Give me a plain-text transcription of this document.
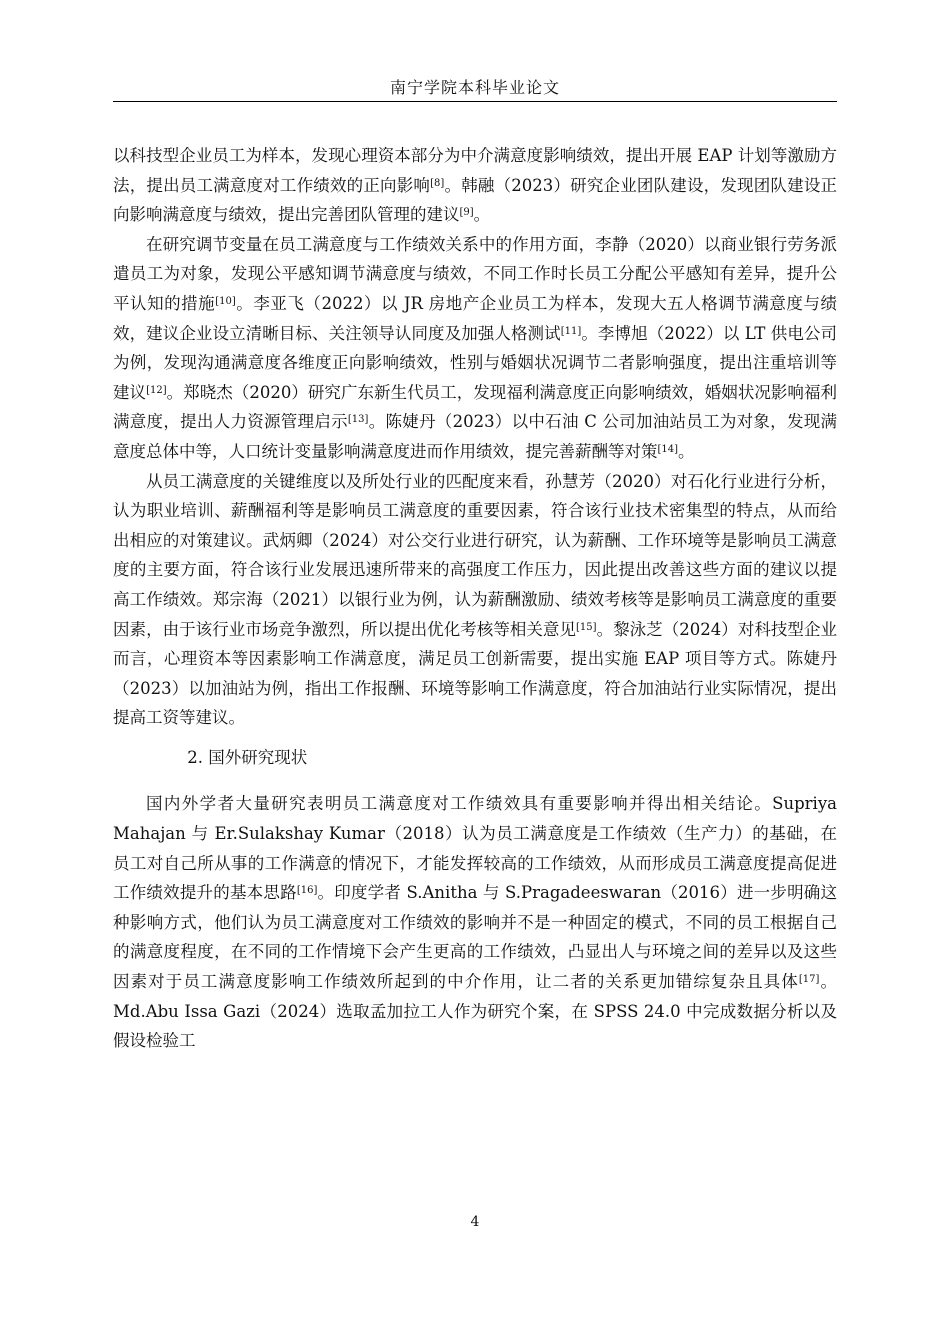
南宁学院本科毕业论文

以科技型企业员工为样本，发现心理资本部分为中介满意度影响绩效，提出开展 EAP 计划等激励方法，提出员工满意度对工作绩效的正向影响[8]。韩融（2023）研究企业团队建设，发现团队建设正向影响满意度与绩效，提出完善团队管理的建议[9]。

在研究调节变量在员工满意度与工作绩效关系中的作用方面，李静（2020）以商业银行劳务派遣员工为对象，发现公平感知调节满意度与绩效，不同工作时长员工分配公平感知有差异，提升公平认知的措施[10]。李亚飞（2022）以 JR 房地产企业员工为样本，发现大五人格调节满意度与绩效，建议企业设立清晰目标、关注领导认同度及加强人格测试[11]。李博旭（2022）以 LT 供电公司为例，发现沟通满意度各维度正向影响绩效，性别与婚姻状况调节二者影响强度，提出注重培训等建议[12]。郑晓杰（2020）研究广东新生代员工，发现福利满意度正向影响绩效，婚姻状况影响福利满意度，提出人力资源管理启示[13]。陈婕丹（2023）以中石油 C 公司加油站员工为对象，发现满意度总体中等，人口统计变量影响满意度进而作用绩效，提完善薪酬等对策[14]。

从员工满意度的关键维度以及所处行业的匹配度来看，孙慧芳（2020）对石化行业进行分析，认为职业培训、薪酬福利等是影响员工满意度的重要因素，符合该行业技术密集型的特点，从而给出相应的对策建议。武炳卿（2024）对公交行业进行研究，认为薪酬、工作环境等是影响员工满意度的主要方面，符合该行业发展迅速所带来的高强度工作压力，因此提出改善这些方面的建议以提高工作绩效。郑宗海（2021）以银行业为例，认为薪酬激励、绩效考核等是影响员工满意度的重要因素，由于该行业市场竞争激烈，所以提出优化考核等相关意见[15]。黎泳芝（2024）对科技型企业而言，心理资本等因素影响工作满意度，满足员工创新需要，提出实施 EAP 项目等方式。陈婕丹（2023）以加油站为例，指出工作报酬、环境等影响工作满意度，符合加油站行业实际情况，提出提高工资等建议。

2. 国外研究现状

国内外学者大量研究表明员工满意度对工作绩效具有重要影响并得出相关结论。Supriya Mahajan 与 Er.Sulakshay Kumar（2018）认为员工满意度是工作绩效（生产力）的基础，在员工对自己所从事的工作满意的情况下，才能发挥较高的工作绩效，从而形成员工满意度提高促进工作绩效提升的基本思路[16]。印度学者 S.Anitha 与 S.Pragadeeswaran（2016）进一步明确这种影响方式，他们认为员工满意度对工作绩效的影响并不是一种固定的模式，不同的员工根据自己的满意度程度，在不同的工作情境下会产生更高的工作绩效，凸显出人与环境之间的差异以及这些因素对于员工满意度影响工作绩效所起到的中介作用，让二者的关系更加错综复杂且具体[17]。Md.Abu Issa Gazi（2024）选取孟加拉工人作为研究个案，在 SPSS 24.0 中完成数据分析以及假设检验工

4
